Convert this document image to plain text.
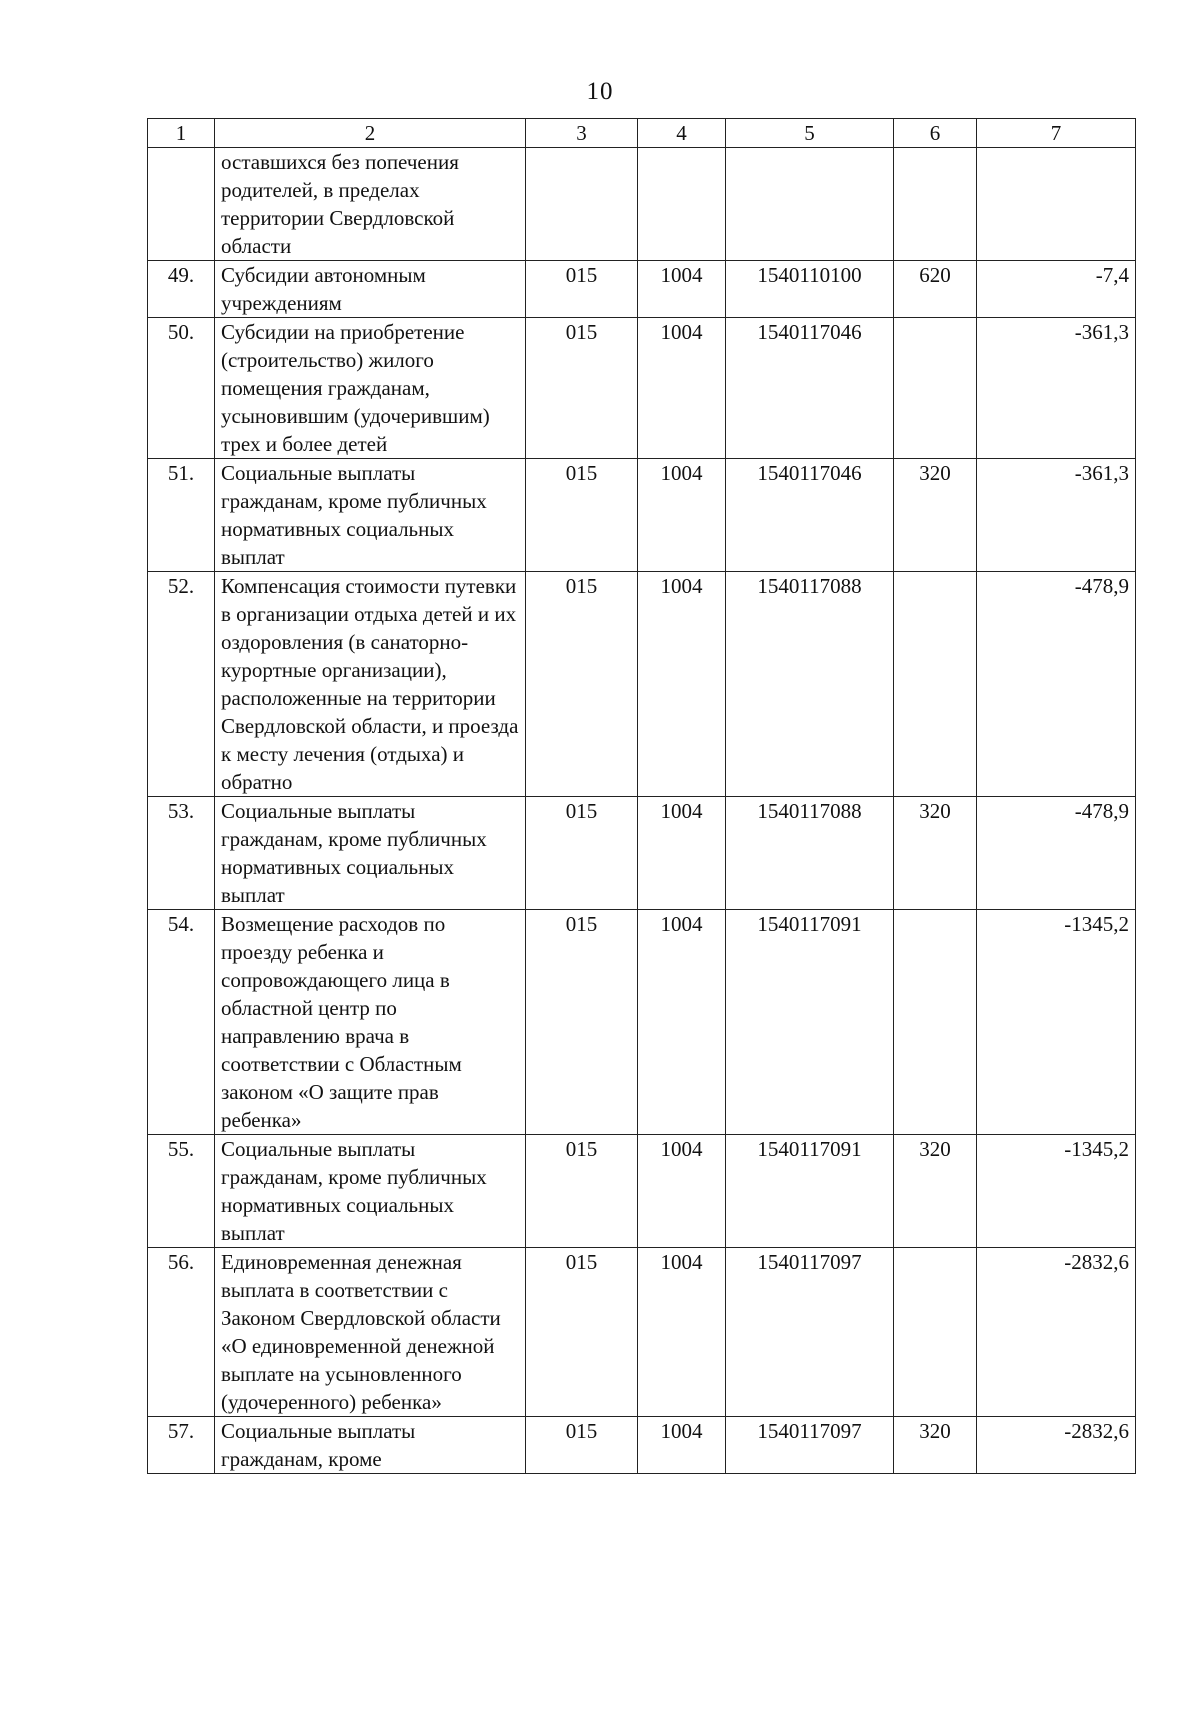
10
1	2	3	4	5	6	7
	оставшихся без попечения родителей, в пределах территории Свердловской области					
49.	Субсидии автономным учреждениям	015	1004	1540110100	620	-7,4
50.	Субсидии на приобретение (строительство) жилого помещения гражданам, усыновившим (удочерившим) трех и более детей	015	1004	1540117046		-361,3
51.	Социальные выплаты гражданам, кроме публичных нормативных социальных выплат	015	1004	1540117046	320	-361,3
52.	Компенсация стоимости путевки в организации отдыха детей и их оздоровления (в санаторно-курортные организации), расположенные на территории Свердловской области, и проезда к месту лечения (отдыха) и обратно	015	1004	1540117088		-478,9
53.	Социальные выплаты гражданам, кроме публичных нормативных социальных выплат	015	1004	1540117088	320	-478,9
54.	Возмещение расходов по проезду ребенка и сопровождающего лица в областной центр по направлению врача в соответствии с Областным законом «О защите прав ребенка»	015	1004	1540117091		-1345,2
55.	Социальные выплаты гражданам, кроме публичных нормативных социальных выплат	015	1004	1540117091	320	-1345,2
56.	Единовременная денежная выплата в соответствии с Законом Свердловской области «О единовременной денежной выплате на усыновленного (удочеренного) ребенка»	015	1004	1540117097		-2832,6
57.	Социальные выплаты гражданам, кроме	015	1004	1540117097	320	-2832,6
